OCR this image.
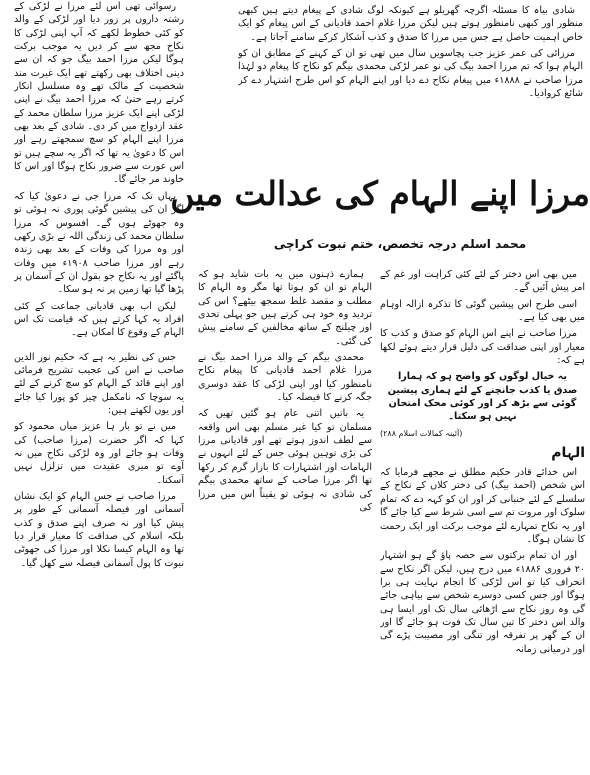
مرزا اپنے الہام کی عدالت میں
محمد اسلم درجہ تخصص، ختم نبوت کراچی

شادی بیاہ کا مسئلہ اگرچہ گھریلو ہے کیونکہ لوگ شادی کے پیغام دیتے ہیں کبھی منظور اور کبھی نامنظور ہوتے ہیں لیکن مرزا غلام احمد قادیانی کے اس پیغام کو ایک خاص اہمیت حاصل ہے جس میں مرزا کا صدق و کذب آشکار کرکے سامنے آجاتا ہے۔

مرزائی کی عمر عزیز جب پچاسویں سال میں تھی تو ان کے کہنے کے مطابق ان کو الہام ہوا کہ تم مرزا احمد بیگ کی نو عمر لڑکی محمدی بیگم کو نکاح کا پیغام دو لہٰذا مرزا صاحب نے ۱۸۸۸ء میں پیغام نکاح دے دیا اور اپنے الہام کو اس طرح اشتہار دے کر شائع کروادیا۔

میں بھی اس دختر کے لئے کئی کراہت اور غم کے امر پیش آئیں گے۔

اسی طرح اس پیشین گوئی کا تذکرہ ازالہ اوہام میں بھی کیا ہے۔

مرزا صاحب نے اپنے اس الہام کو صدق و کذب کا معیار اور اپنی صداقت کی دلیل قرار دیتے ہوئے لکھا ہے کہ:

یہ خیال لوگوں کو واضح ہو کہ ہمارا صدق یا کذب جانچنے کے لئے ہماری پیشین گوئی سے بڑھ کر اور کوئی محک امتحان نہیں ہو سکتا۔

(آئینہ کمالات اسلام ۲۸۸)

الہام

اس خدائے قادر حکیم مطلق نے مجھے فرمایا کہ اس شخص (احمد بیگ) کی دختر کلاں کے نکاح کے سلسلے کے لئے جنبانی کر اور ان کو کہہ دے کہ تمام سلوک اور مروت تم سے اسی شرط سے کیا جائے گا اور یہ نکاح تمہارے لئے موجب برکت اور ایک رحمت کا نشان ہوگا۔

اور ان تمام برکتوں سے حصہ پاؤ گے ہو اشتہار ۲۰ فروری ۱۸۸۶ء میں درج ہیں، لیکن اگر نکاح سے انحراف کیا تو اس لڑکی کا انجام نہایت ہی برا ہوگا اور جس کسی دوسرے شخص سے بیاہی جائے گی وہ روز نکاح سے اڑھائی سال تک اور ایسا ہی والد اس دختر کا تین سال تک فوت ہو جائے گا اور ان کے گھر پر تفرقہ اور تنگی اور مصیبت پڑے گی اور درمیانی زمانہ

ہمارے ذہنوں میں یہ بات شاید ہو کہ الہام تو ان کو ہوتا تھا مگر وہ الہام کا مطلب و مقصد غلط سمجھ بیٹھے؟ اس کی تردید وہ خود ہی کرتے ہیں جو پہلی تحدی اور چیلنج کے ساتھ مخالفین کے سامنے پیش کی گئی۔

محمدی بیگم کے والد مرزا احمد بیگ نے مرزا غلام احمد قادیانی کا پیغام نکاح نامنظور کیا اور اپنی لڑکی کا عقد دوسری جگہ کرنے کا فیصلہ کیا۔

یہ باتیں اتنی عام ہو گئیں تھیں کہ مسلمان تو کیا غیر مسلم بھی اس واقعہ سے لطف اندوز ہوتے تھے اور قادیانی مرزا کی بڑی توہین ہوئی جس کے لئے انہوں نے الہامات اور اشتہارات کا بازار گرم کر رکھا تھا اگر مرزا صاحب کے ساتھ محمدی بیگم کی شادی نہ ہوئی تو یقیناً اس میں مرزا کی

رسوائی تھی اس لئے مرزا نے لڑکی کے رشتہ داروں پر زور دیا اور لڑکی کے والد کو کئی خطوط لکھے کہ آپ اپنی لڑکی کا نکاح مجھ سے کر دیں یہ موجب برکت ہوگا لیکن مرزا احمد بیگ جو کہ ان سے دینی اختلاف بھی رکھتے تھے ایک غیرت مند شخصیت کے مالک تھے وہ مسلسل انکار کرتے رہے حتیٰ کہ مرزا احمد بیگ نے اپنی لڑکی اپنے ایک عزیز مرزا سلطان محمد کے عقد ازدواج میں کر دی۔ شادی کے بعد بھی مرزا اپنے الہام کو سچ سمجھتے رہے اور اس کا دعویٰ یہ تھا کہ اگر یہ سچے ہیں تو اس عورت سے ضرور نکاح ہوگا اور اس کا خاوند مر جائے گا۔

یہاں تک کہ مرزا جی نے دعویٰ کیا کہ اگر ان کی پیشین گوئی پوری نہ ہوئی تو وہ جھوٹے ہوں گے۔ افسوس کہ مرزا سلطان محمد کی زندگی اللہ نے بڑی رکھی اور وہ مرزا کی وفات کے بعد بھی زندہ رہے اور مرزا صاحب ۱۹۰۸ء میں وفات پاگئے اور یہ نکاح جو بقول ان کے آسمان پر پڑھا گیا تھا زمین پر نہ ہو سکا۔

لیکن اب بھی قادیانی جماعت کے کئی افراد یہ کہا کرتے ہیں کہ قیامت تک اس الہام کے وقوع کا امکان ہے۔

جس کی نظیر یہ ہے کہ حکیم نور الدین صاحب نے اس کی عجیب تشریح فرمائی اور اپنے قائد کے الہام کو سچ کرنے کے لئے یہ سوچا کہ نامکمل چیز کو پورا کیا جائے اور یوں لکھتے ہیں:

میں نے تو بار ہا عزیز میاں محمود کو کہا کہ اگر حضرت (مرزا صاحب) کی وفات ہو جائے اور وہ لڑکی نکاح میں نہ آوے تو میری عقیدت میں تزلزل نہیں آسکتا۔

مرزا صاحب نے جس الہام کو ایک نشان آسمانی اور فیصلہ آسمانی کے طور پر پیش کیا اور نہ صرف اپنے صدق و کذب بلکہ اسلام کی صداقت کا معیار قرار دیا تھا وہ الہام کیسا نکلا اور مرزا کی جھوٹی نبوت کا پول آسمانی فیصلہ سے کھل گیا۔
